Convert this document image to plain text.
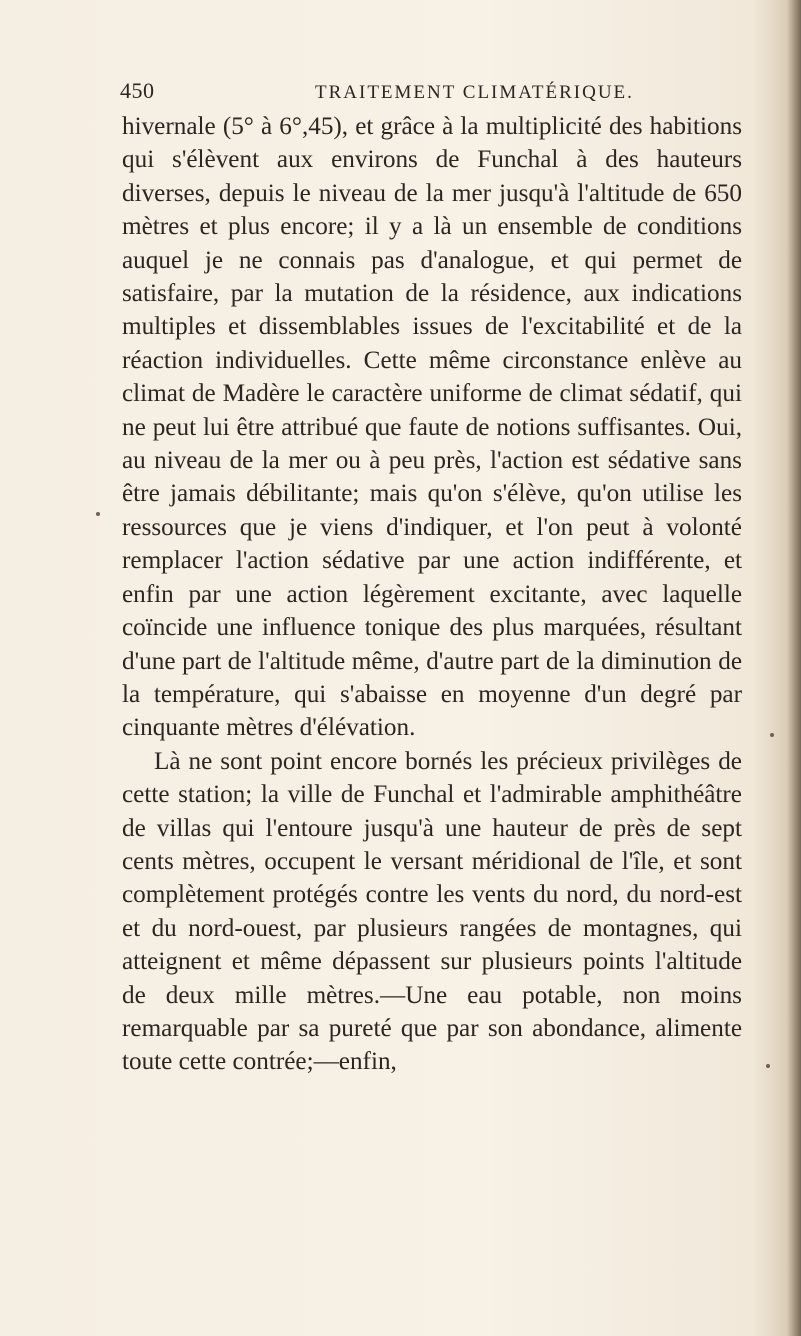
450	TRAITEMENT CLIMATÉRIQUE.

hivernale (5° à 6°,45), et grâce à la multiplicité des habitions qui s'élèvent aux environs de Funchal à des hauteurs diverses, depuis le niveau de la mer jusqu'à l'altitude de 650 mètres et plus encore; il y a là un ensemble de conditions auquel je ne connais pas d'analogue, et qui permet de satisfaire, par la mutation de la résidence, aux indications multiples et dissemblables issues de l'excitabilité et de la réaction individuelles. Cette même circonstance enlève au climat de Madère le caractère uniforme de climat sédatif, qui ne peut lui être attribué que faute de notions suffisantes. Oui, au niveau de la mer ou à peu près, l'action est sédative sans être jamais débilitante; mais qu'on s'élève, qu'on utilise les ressources que je viens d'indiquer, et l'on peut à volonté remplacer l'action sédative par une action indifférente, et enfin par une action légèrement excitante, avec laquelle coïncide une influence tonique des plus marquées, résultant d'une part de l'altitude même, d'autre part de la diminution de la température, qui s'abaisse en moyenne d'un degré par cinquante mètres d'élévation.

Là ne sont point encore bornés les précieux privilèges de cette station; la ville de Funchal et l'admirable amphithéâtre de villas qui l'entoure jusqu'à une hauteur de près de sept cents mètres, occupent le versant méridional de l'île, et sont complètement protégés contre les vents du nord, du nord-est et du nord-ouest, par plusieurs rangées de montagnes, qui atteignent et même dépassent sur plusieurs points l'altitude de deux mille mètres.—Une eau potable, non moins remarquable par sa pureté que par son abondance, alimente toute cette contrée;—enfin,
